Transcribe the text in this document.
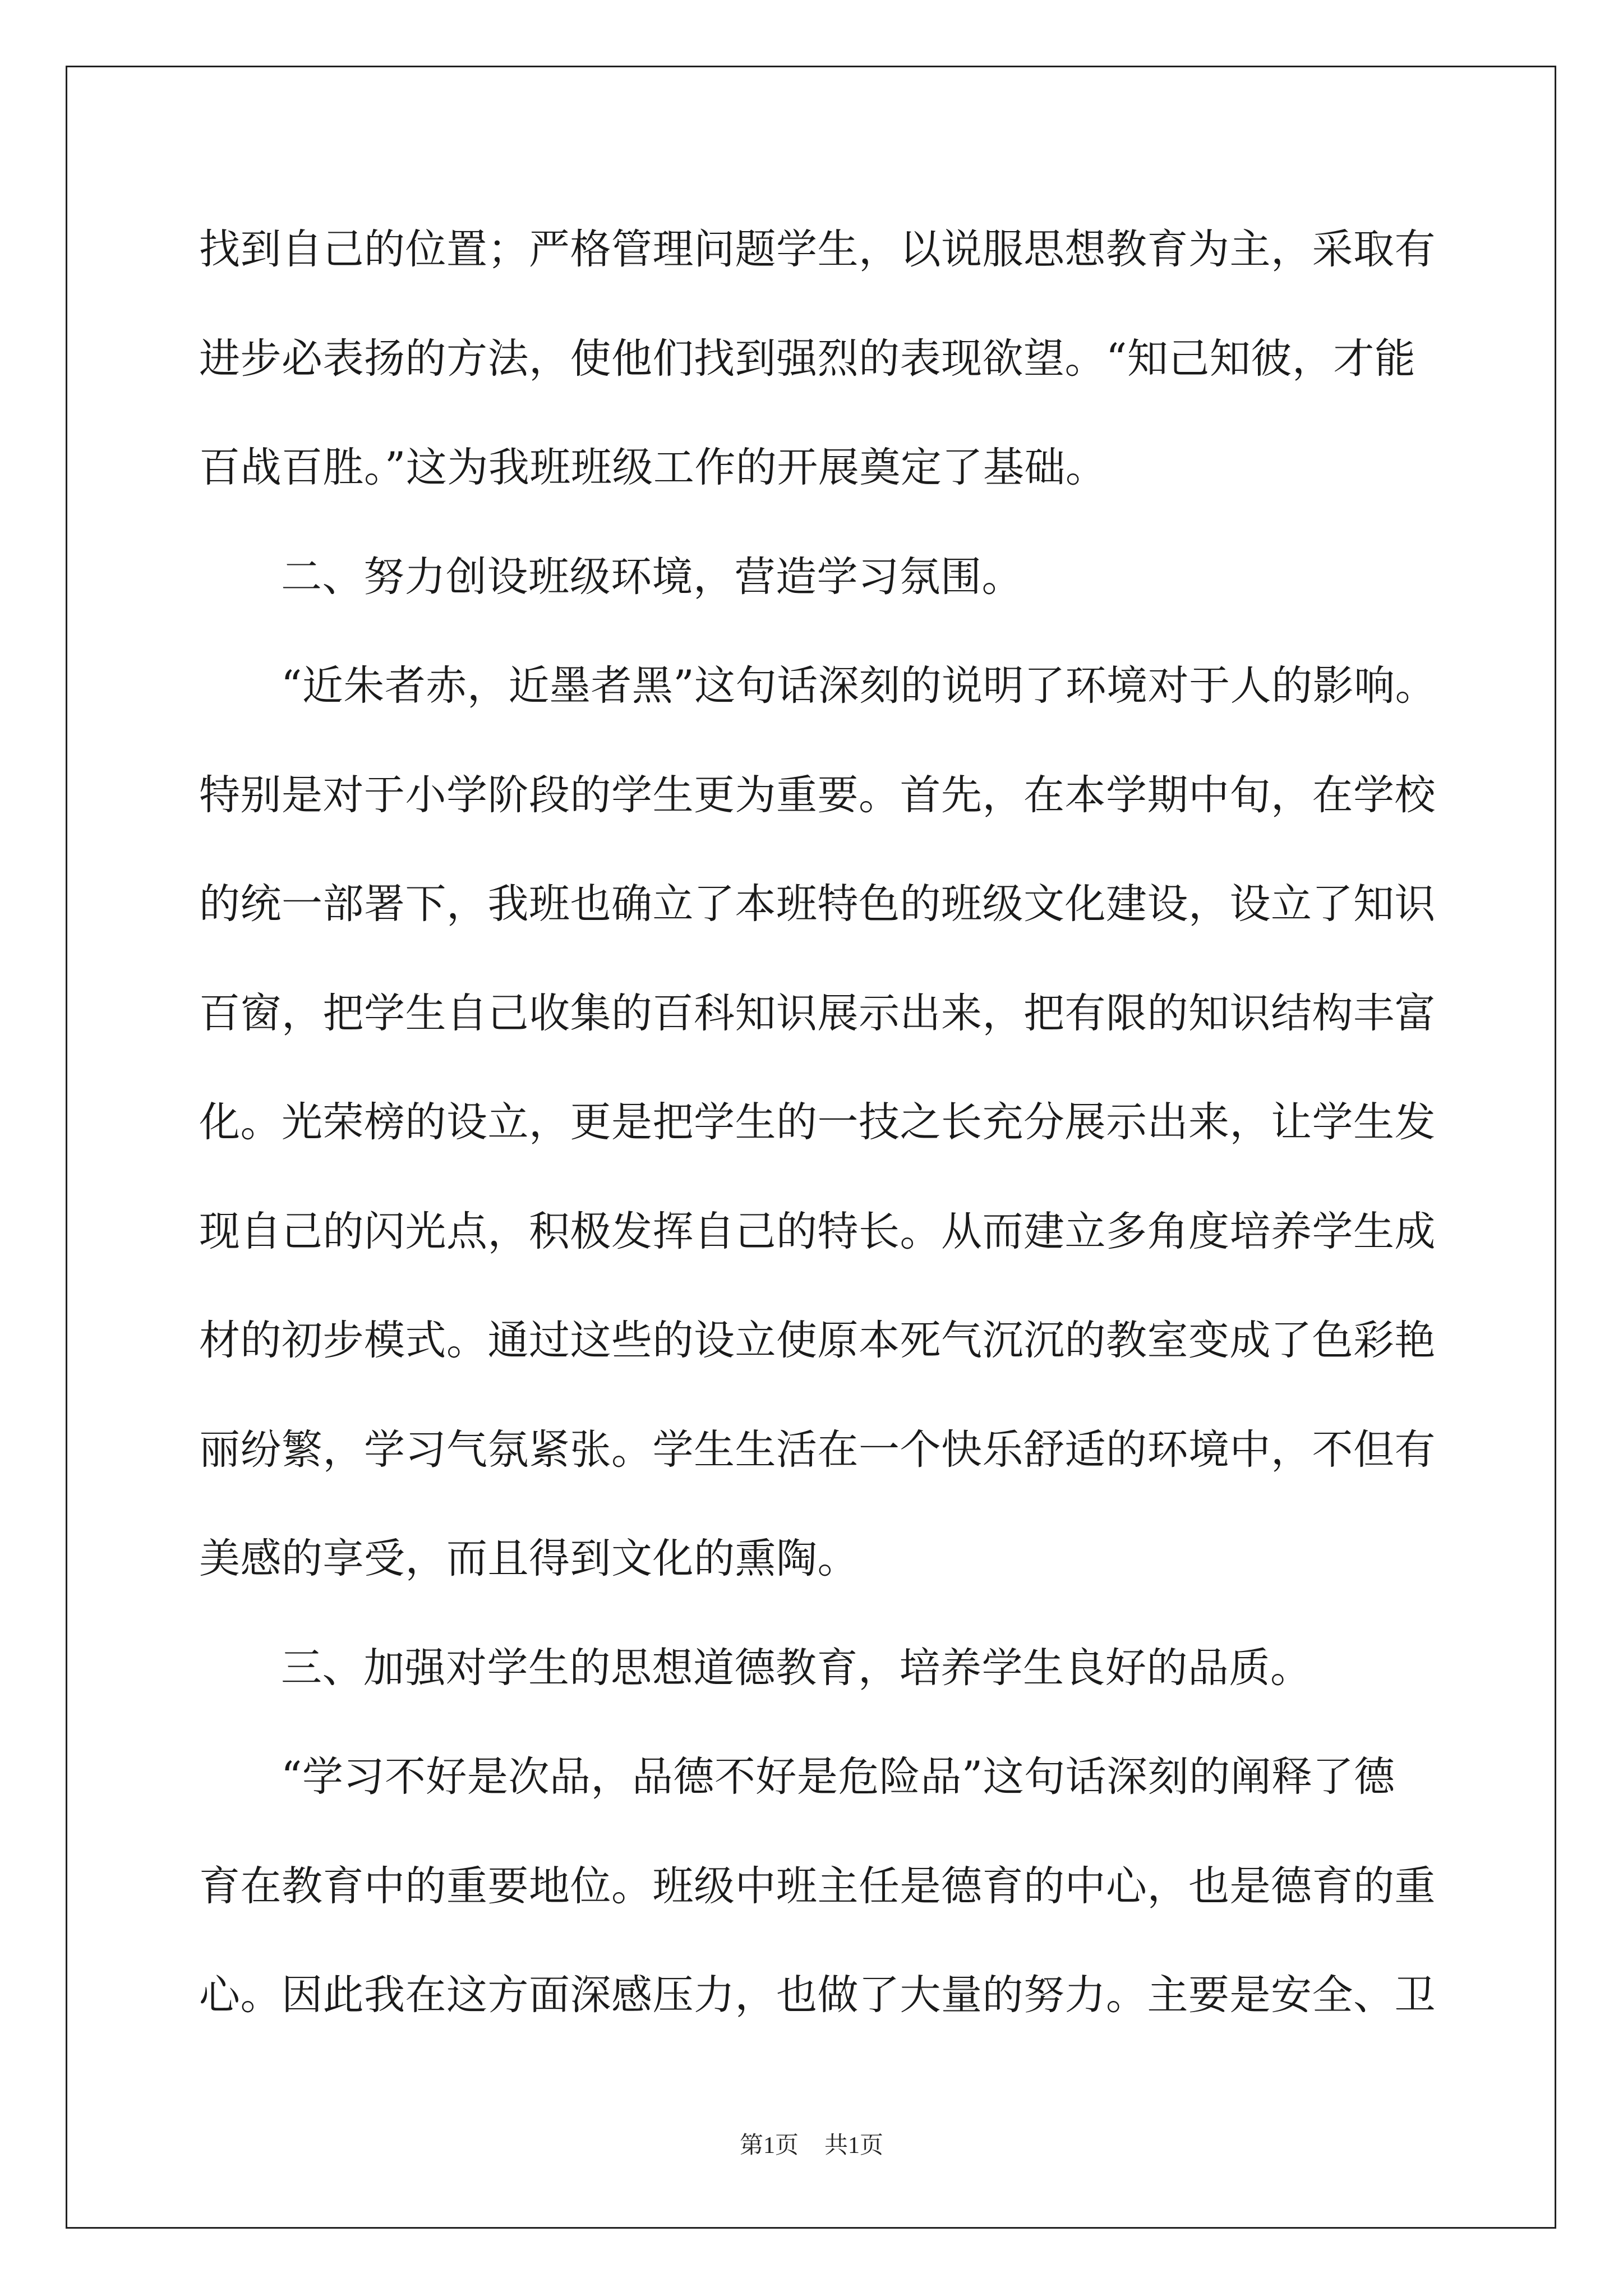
找到自己的位置；严格管理问题学生，以说服思想教育为主，采取有
进步必表扬的方法，使他们找到强烈的表现欲望。“知己知彼，才能
百战百胜。”这为我班班级工作的开展奠定了基础。
二、努力创设班级环境，营造学习氛围。
“近朱者赤，近墨者黑”这句话深刻的说明了环境对于人的影响。
特别是对于小学阶段的学生更为重要。首先，在本学期中旬，在学校
的统一部署下，我班也确立了本班特色的班级文化建设，设立了知识
百窗，把学生自己收集的百科知识展示出来，把有限的知识结构丰富
化。光荣榜的设立，更是把学生的一技之长充分展示出来，让学生发
现自己的闪光点，积极发挥自己的特长。从而建立多角度培养学生成
材的初步模式。通过这些的设立使原本死气沉沉的教室变成了色彩艳
丽纷繁，学习气氛紧张。学生生活在一个快乐舒适的环境中，不但有
美感的享受，而且得到文化的熏陶。
三、加强对学生的思想道德教育，培养学生良好的品质。
“学习不好是次品，品德不好是危险品”这句话深刻的阐释了德
育在教育中的重要地位。班级中班主任是德育的中心，也是德育的重
心。因此我在这方面深感压力，也做了大量的努力。主要是安全、卫
第1页 共1页
